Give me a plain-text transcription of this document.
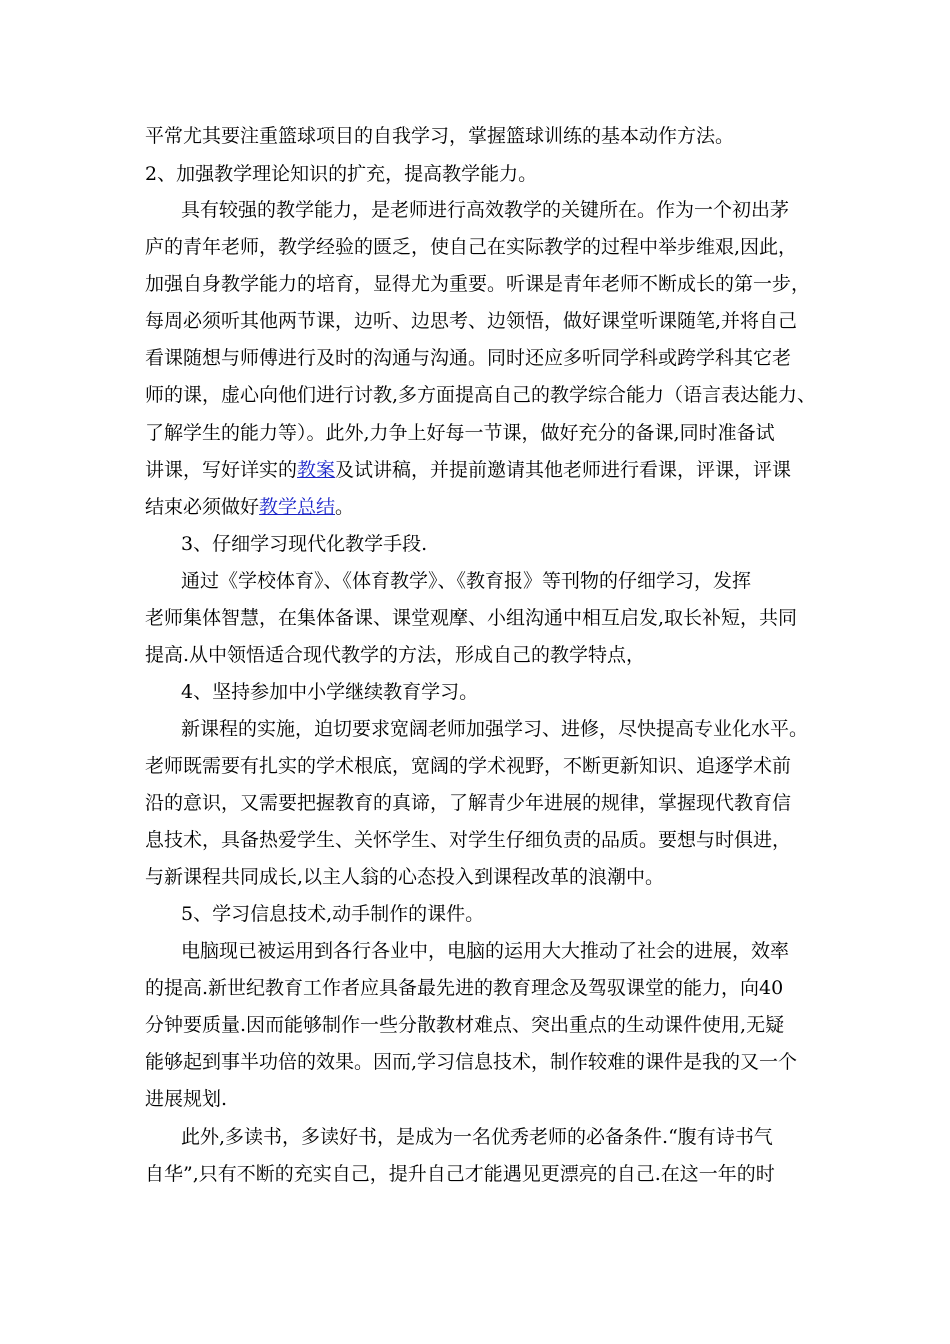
平常尤其要注重篮球项目的自我学习，掌握篮球训练的基本动作方法。
2、加强教学理论知识的扩充，提高教学能力。
具有较强的教学能力，是老师进行高效教学的关键所在。作为一个初出茅
庐的青年老师，教学经验的匮乏，使自己在实际教学的过程中举步维艰,因此，
加强自身教学能力的培育，显得尤为重要。听课是青年老师不断成长的第一步，
每周必须听其他两节课，边听、边思考、边领悟，做好课堂听课随笔,并将自己
看课随想与师傅进行及时的沟通与沟通。同时还应多听同学科或跨学科其它老
师的课，虚心向他们进行讨教,多方面提高自己的教学综合能力（语言表达能力、
了解学生的能力等）。此外,力争上好每一节课，做好充分的备课,同时准备试
讲课，写好详实的教案及试讲稿，并提前邀请其他老师进行看课，评课，评课
结束必须做好教学总结。
3、仔细学习现代化教学手段.
通过《学校体育》、《体育教学》、《教育报》等刊物的仔细学习，发挥
老师集体智慧，在集体备课、课堂观摩、小组沟通中相互启发,取长补短，共同
提高.从中领悟适合现代教学的方法，形成自己的教学特点，
4、坚持参加中小学继续教育学习。
新课程的实施，迫切要求宽阔老师加强学习、进修，尽快提高专业化水平。
老师既需要有扎实的学术根底，宽阔的学术视野，不断更新知识、追逐学术前
沿的意识，又需要把握教育的真谛，了解青少年进展的规律，掌握现代教育信
息技术，具备热爱学生、关怀学生、对学生仔细负责的品质。要想与时俱进，
与新课程共同成长,以主人翁的心态投入到课程改革的浪潮中。
5、学习信息技术,动手制作的课件。
电脑现已被运用到各行各业中，电脑的运用大大推动了社会的进展，效率
的提高.新世纪教育工作者应具备最先进的教育理念及驾驭课堂的能力，向40
分钟要质量.因而能够制作一些分散教材难点、突出重点的生动课件使用,无疑
能够起到事半功倍的效果。因而,学习信息技术，制作较难的课件是我的又一个
进展规划.
此外,多读书，多读好书，是成为一名优秀老师的必备条件.“腹有诗书气
自华”,只有不断的充实自己，提升自己才能遇见更漂亮的自己.在这一年的时
